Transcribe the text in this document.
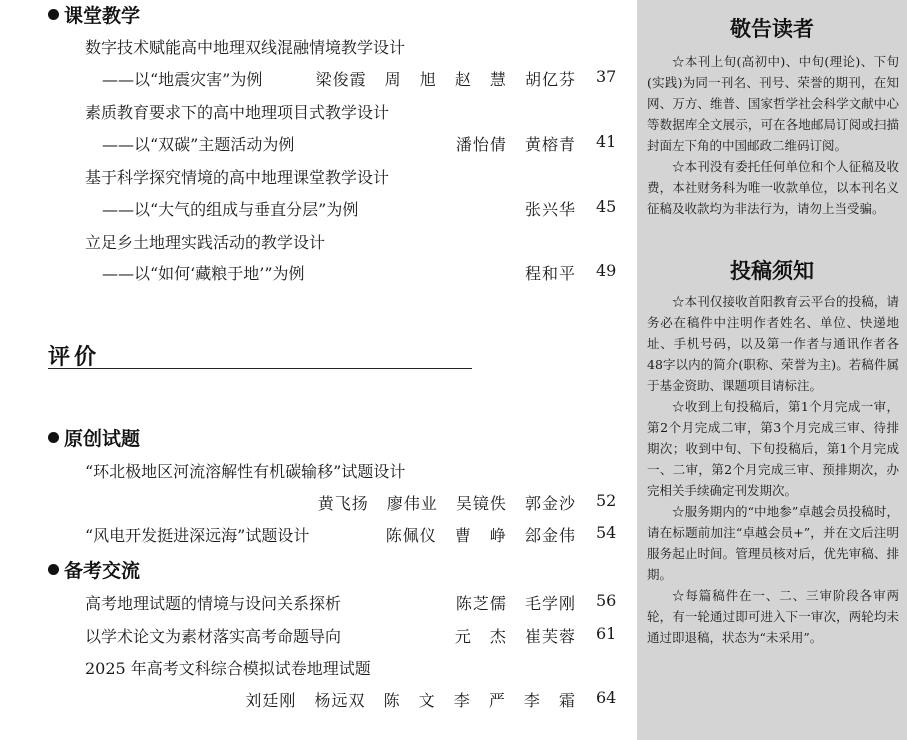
课堂教学
数字技术赋能高中地理双线混融情境教学设计
——以“地震灾害”为例	梁俊霞 周 旭 赵 慧 胡亿芬 37
素质教育要求下的高中地理项目式教学设计
——以“双碳”主题活动为例	潘怡倩 黄榕青 41
基于科学探究情境的高中地理课堂教学设计
——以“大气的组成与垂直分层”为例	张兴华 45
立足乡土地理实践活动的教学设计
——以“如何‘藏粮于地’”为例	程和平 49
评价
原创试题
“环北极地区河流溶解性有机碳输移”试题设计
黄飞扬 廖伟业 吴镜佚 郭金沙 52
“风电开发挺进深远海”试题设计	陈佩仪 曹 峥 郐金伟 54
备考交流
高考地理试题的情境与设问关系探析	陈芝儒 毛学刚 56
以学术论文为素材落实高考命题导向	元 杰 崔芙蓉 61
2025 年高考文科综合模拟试卷地理试题
刘廷刚 杨远双 陈 文 李 严 李 霜 64
敬告读者

☆本刊上旬(高初中)、中旬(理论)、下旬(实践)为同一刊名、刊号、荣誉的期刊，在知网、万方、维普、国家哲学社会科学文献中心等数据库全文展示，可在各地邮局订阅或扫描封面左下角的中国邮政二维码订阅。

☆本刊没有委托任何单位和个人征稿及收费，本社财务科为唯一收款单位，以本刊名义征稿及收款均为非法行为，请勿上当受骗。

投稿须知

☆本刊仅接收首阳教育云平台的投稿，请务必在稿件中注明作者姓名、单位、快递地址、手机号码，以及第一作者与通讯作者各48字以内的简介(职称、荣誉为主)。若稿件属于基金资助、课题项目请标注。

☆收到上旬投稿后，第1个月完成一审，第2个月完成二审，第3个月完成三审、待排期次；收到中旬、下旬投稿后，第1个月完成一、二审，第2个月完成三审、预排期次，办完相关手续确定刊发期次。

☆服务期内的“中地参”卓越会员投稿时，请在标题前加注“卓越会员+”，并在文后注明服务起止时间。管理员核对后，优先审稿、排期。

☆每篇稿件在一、二、三审阶段各审两轮，有一轮通过即可进入下一审次，两轮均未通过即退稿，状态为“未采用”。
